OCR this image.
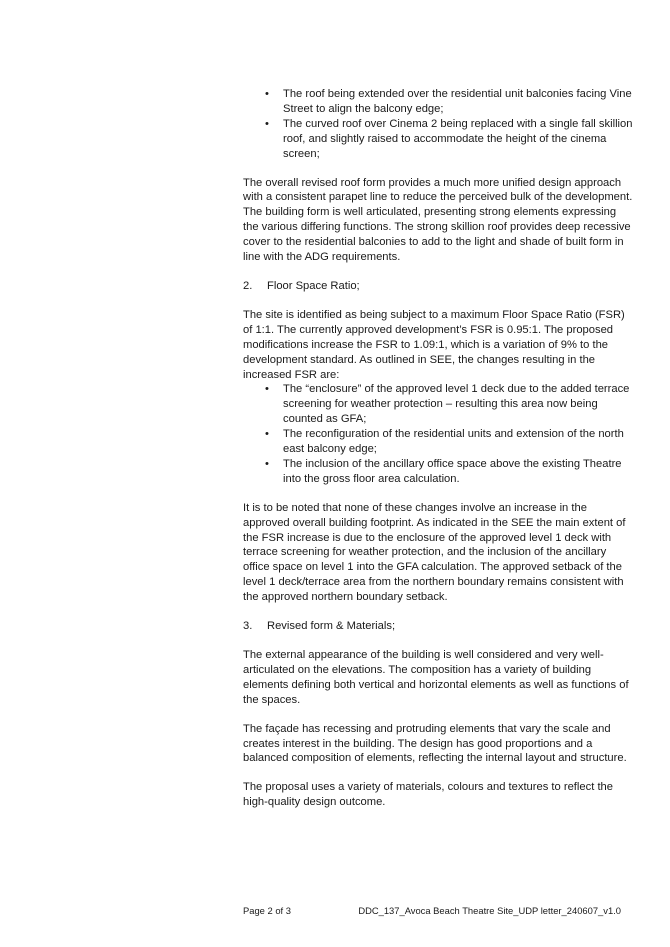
•	The roof being extended over the residential unit balconies facing Vine Street to align the balcony edge;
•	The curved roof over Cinema 2 being replaced with a single fall skillion roof, and slightly raised to accommodate the height of the cinema screen;

The overall revised roof form provides a much more unified design approach with a consistent parapet line to reduce the perceived bulk of the development. The building form is well articulated, presenting strong elements expressing the various differing functions. The strong skillion roof provides deep recessive cover to the residential balconies to add to the light and shade of built form in line with the ADG requirements.

2.	Floor Space Ratio;

The site is identified as being subject to a maximum Floor Space Ratio (FSR) of 1:1. The currently approved development’s FSR is 0.95:1. The proposed modifications increase the FSR to 1.09:1, which is a variation of 9% to the development standard. As outlined in SEE, the changes resulting in the increased FSR are:

•	The “enclosure” of the approved level 1 deck due to the added terrace screening for weather protection – resulting this area now being counted as GFA;
•	The reconfiguration of the residential units and extension of the north east balcony edge;
•	The inclusion of the ancillary office space above the existing Theatre into the gross floor area calculation.

It is to be noted that none of these changes involve an increase in the approved overall building footprint. As indicated in the SEE the main extent of the FSR increase is due to the enclosure of the approved level 1 deck with terrace screening for weather protection, and the inclusion of the ancillary office space on level 1 into the GFA calculation. The approved setback of the level 1 deck/terrace area from the northern boundary remains consistent with the approved northern boundary setback.

3.	Revised form & Materials;

The external appearance of the building is well considered and very well-articulated on the elevations. The composition has a variety of building elements defining both vertical and horizontal elements as well as functions of the spaces.

The façade has recessing and protruding elements that vary the scale and creates interest in the building. The design has good proportions and a balanced composition of elements, reflecting the internal layout and structure.

The proposal uses a variety of materials, colours and textures to reflect the high-quality design outcome.

Page 2 of 3	DDC_137_Avoca Beach Theatre Site_UDP letter_240607_v1.0
